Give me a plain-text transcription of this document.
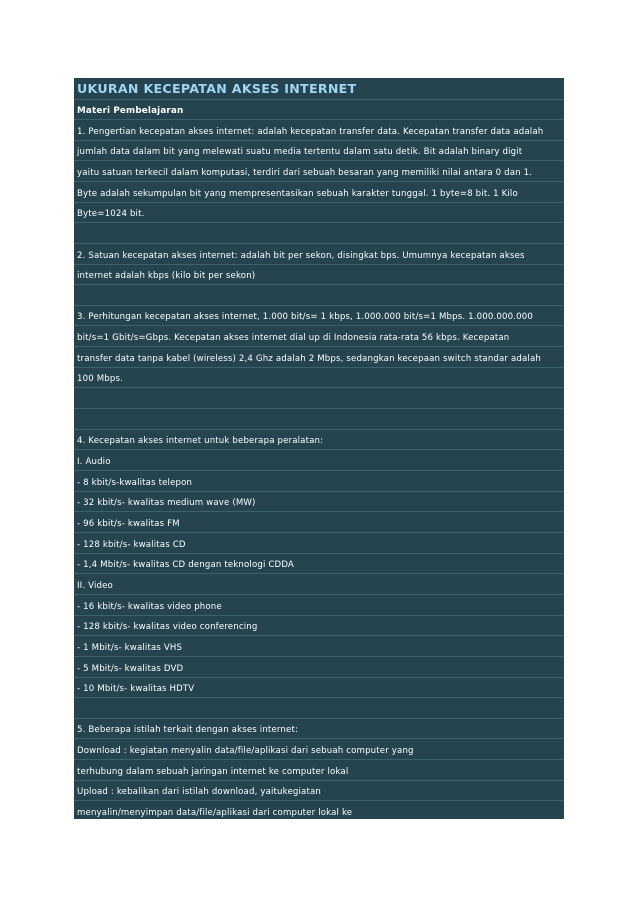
UKURAN KECEPATAN AKSES INTERNET
Materi Pembelajaran
1. Pengertian kecepatan akses internet: adalah kecepatan transfer data. Kecepatan transfer data adalah
jumlah data dalam bit yang melewati suatu media tertentu dalam satu detik. Bit adalah binary digit
yaitu satuan terkecil dalam komputasi, terdiri dari sebuah besaran yang memiliki nilai antara 0 dan 1.
Byte adalah sekumpulan bit yang mempresentasikan sebuah karakter tunggal. 1 byte=8 bit. 1 Kilo
Byte=1024 bit.
2. Satuan kecepatan akses internet: adalah bit per sekon, disingkat bps. Umumnya kecepatan akses
internet adalah kbps (kilo bit per sekon)
3. Perhitungan kecepatan akses internet, 1.000 bit/s= 1 kbps, 1.000.000 bit/s=1 Mbps. 1.000.000.000
bit/s=1 Gbit/s=Gbps. Kecepatan akses internet dial up di Indonesia rata-rata 56 kbps. Kecepatan
transfer data tanpa kabel (wireless) 2,4 Ghz adalah 2 Mbps, sedangkan kecepaan switch standar adalah
100 Mbps.
4. Kecepatan akses internet untuk beberapa peralatan:
I. Audio
- 8 kbit/s-kwalitas telepon
- 32 kbit/s- kwalitas medium wave (MW)
- 96 kbit/s- kwalitas FM
- 128 kbit/s- kwalitas CD
- 1,4 Mbit/s- kwalitas CD dengan teknologi CDDA
II. Video
- 16 kbit/s- kwalitas video phone
- 128 kbit/s- kwalitas video conferencing
- 1 Mbit/s- kwalitas VHS
- 5 Mbit/s- kwalitas DVD
- 10 Mbit/s- kwalitas HDTV
5. Beberapa istilah terkait dengan akses internet:
Download : kegiatan menyalin data/file/aplikasi dari sebuah computer yang
terhubung dalam sebuah jaringan internet ke computer lokal
Upload : kebalikan dari istilah download, yaitukegiatan
menyalin/menyimpan data/file/aplikasi dari computer lokal ke
